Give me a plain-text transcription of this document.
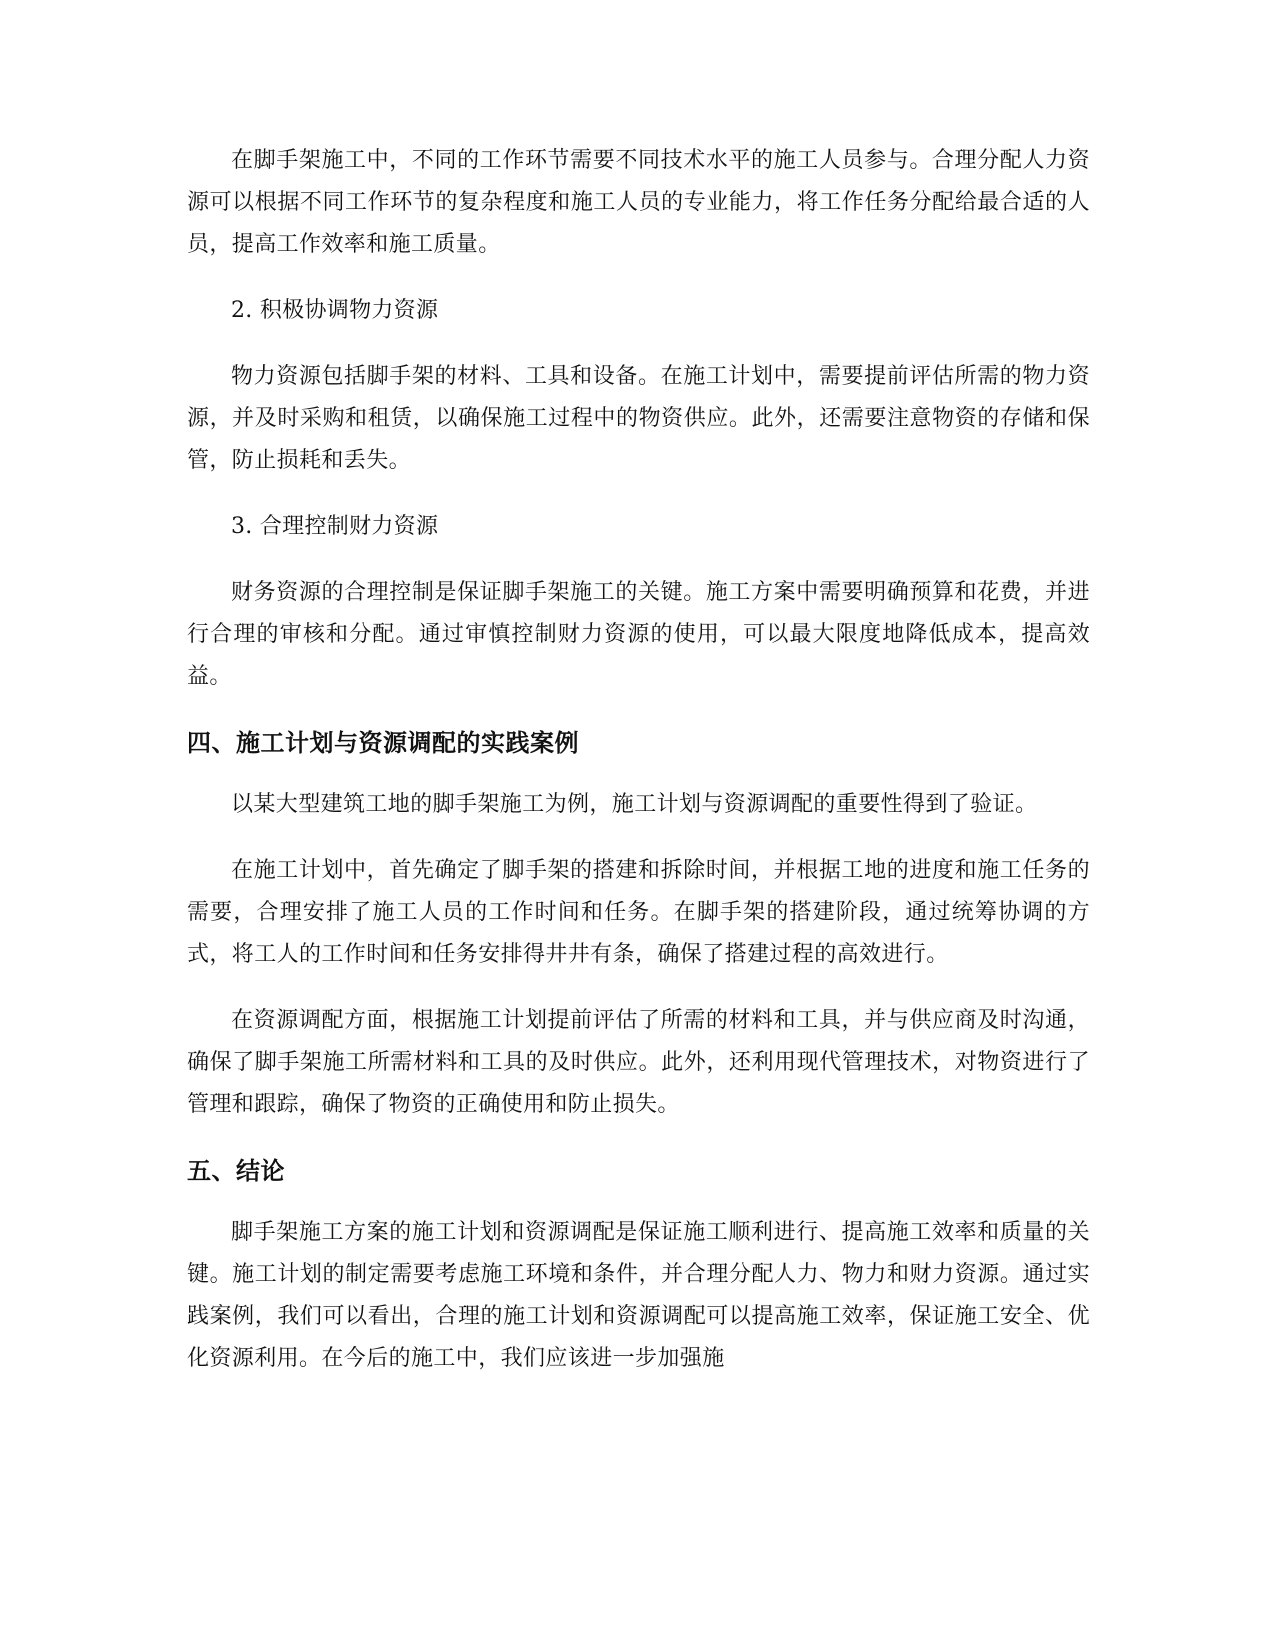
在脚手架施工中，不同的工作环节需要不同技术水平的施工人员参与。合理分配人力资源可以根据不同工作环节的复杂程度和施工人员的专业能力，将工作任务分配给最合适的人员，提高工作效率和施工质量。

2. 积极协调物力资源

物力资源包括脚手架的材料、工具和设备。在施工计划中，需要提前评估所需的物力资源，并及时采购和租赁，以确保施工过程中的物资供应。此外，还需要注意物资的存储和保管，防止损耗和丢失。

3. 合理控制财力资源

财务资源的合理控制是保证脚手架施工的关键。施工方案中需要明确预算和花费，并进行合理的审核和分配。通过审慎控制财力资源的使用，可以最大限度地降低成本，提高效益。

四、施工计划与资源调配的实践案例

以某大型建筑工地的脚手架施工为例，施工计划与资源调配的重要性得到了验证。

在施工计划中，首先确定了脚手架的搭建和拆除时间，并根据工地的进度和施工任务的需要，合理安排了施工人员的工作时间和任务。在脚手架的搭建阶段，通过统筹协调的方式，将工人的工作时间和任务安排得井井有条，确保了搭建过程的高效进行。

在资源调配方面，根据施工计划提前评估了所需的材料和工具，并与供应商及时沟通，确保了脚手架施工所需材料和工具的及时供应。此外，还利用现代管理技术，对物资进行了管理和跟踪，确保了物资的正确使用和防止损失。

五、结论

脚手架施工方案的施工计划和资源调配是保证施工顺利进行、提高施工效率和质量的关键。施工计划的制定需要考虑施工环境和条件，并合理分配人力、物力和财力资源。通过实践案例，我们可以看出，合理的施工计划和资源调配可以提高施工效率，保证施工安全、优化资源利用。在今后的施工中，我们应该进一步加强施
